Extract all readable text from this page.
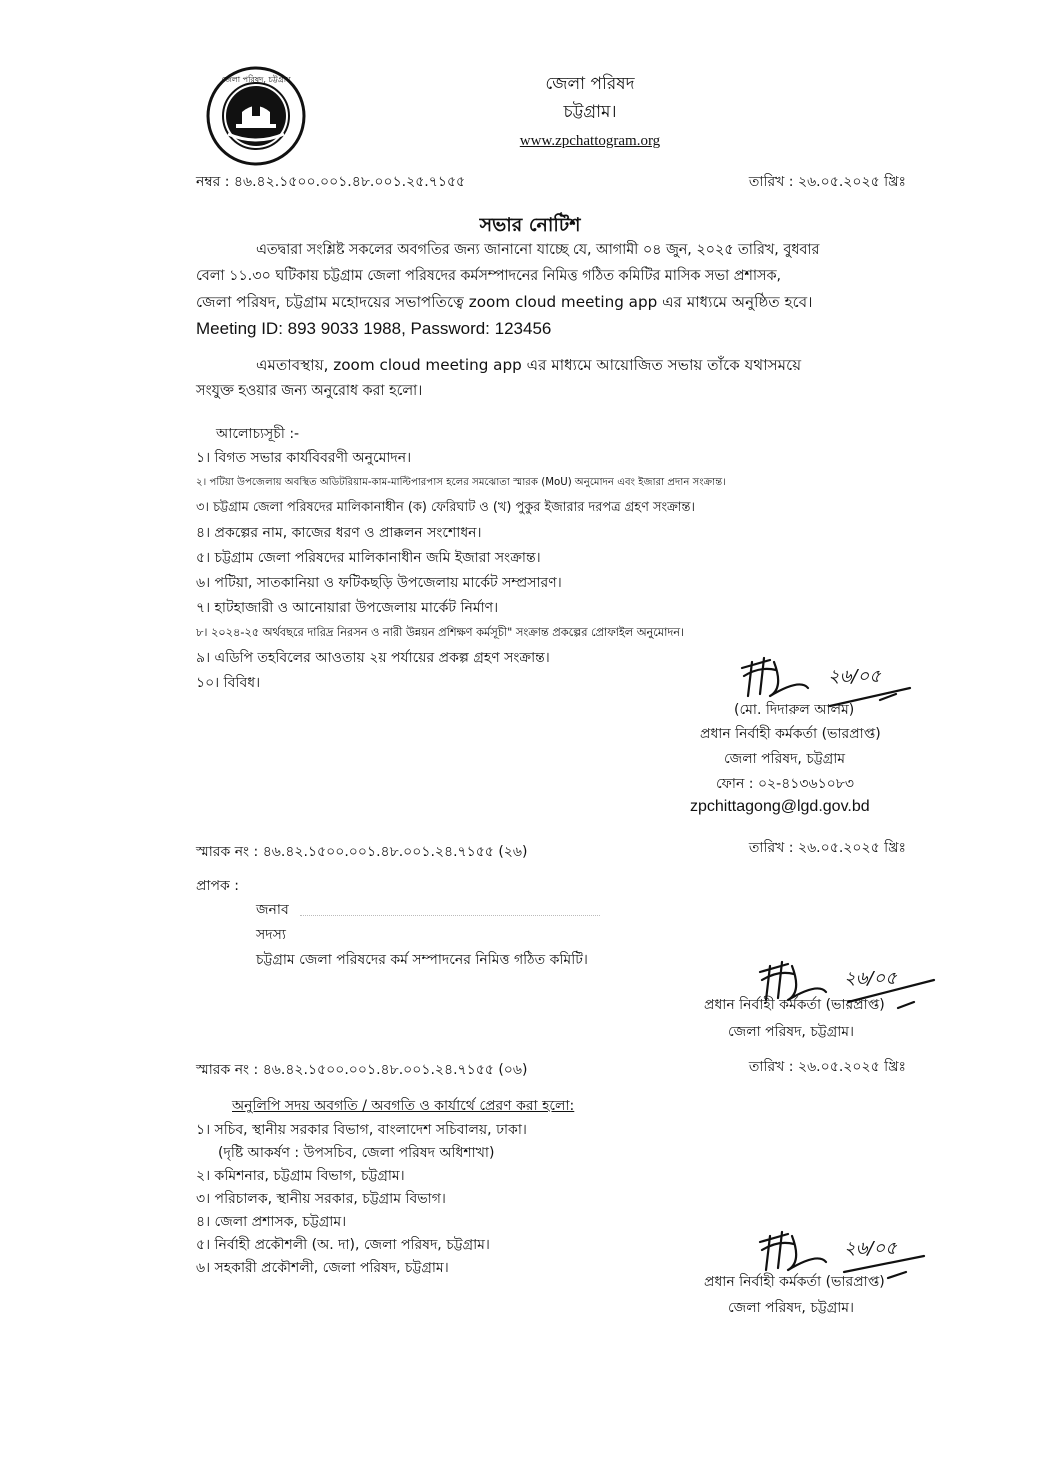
জেলা পরিষদ, চট্টগ্রাম	জেলা পরিষদ
চট্টগ্রাম।
www.zpchattogram.org
নম্বর : ৪৬.৪২.১৫০০.০০১.৪৮.০০১.২৫.৭১৫৫	তারিখ : ২৬.০৫.২০২৫ খ্রিঃ
সভার নোটিশ
এতদ্বারা সংশ্লিষ্ট সকলের অবগতির জন্য জানানো যাচ্ছে যে, আগামী ০৪ জুন, ২০২৫ তারিখ, বুধবার
বেলা ১১.৩০ ঘটিকায় চট্টগ্রাম জেলা পরিষদের কর্মসম্পাদনের নিমিত্ত গঠিত কমিটির মাসিক সভা প্রশাসক,
জেলা পরিষদ, চট্টগ্রাম মহোদয়ের সভাপতিত্বে zoom cloud meeting app এর মাধ্যমে অনুষ্ঠিত হবে।
Meeting ID: 893 9033 1988, Password: 123456
এমতাবস্থায়, zoom cloud meeting app এর মাধ্যমে আয়োজিত সভায় তাঁকে যথাসময়ে
সংযুক্ত হওয়ার জন্য অনুরোধ করা হলো।
আলোচ্যসূচী :-
১। বিগত সভার কার্যবিবরণী অনুমোদন।
২। পটিয়া উপজেলায় অবস্থিত অডিটরিয়াম-কাম-মাল্টিপারপাস হলের সমঝোতা স্মারক (MoU) অনুমোদন এবং ইজারা প্রদান সংক্রান্ত।
৩। চট্টগ্রাম জেলা পরিষদের মালিকানাধীন (ক) ফেরিঘাট ও (খ) পুকুর ইজারার দরপত্র গ্রহণ সংক্রান্ত।
৪। প্রকল্পের নাম, কাজের ধরণ ও প্রাক্কলন সংশোধন।
৫। চট্টগ্রাম জেলা পরিষদের মালিকানাধীন জমি ইজারা সংক্রান্ত।
৬। পটিয়া, সাতকানিয়া ও ফটিকছড়ি উপজেলায় মার্কেট সম্প্রসারণ।
৭। হাটহাজারী ও আনোয়ারা উপজেলায় মার্কেট নির্মাণ।
৮। ২০২৪-২৫ অর্থবছরে দারিদ্র নিরসন ও নারী উন্নয়ন প্রশিক্ষণ কর্মসূচী" সংক্রান্ত প্রকল্পের প্রোফাইল অনুমোদন।
৯। এডিপি তহবিলের আওতায় ২য় পর্যায়ের প্রকল্প গ্রহণ সংক্রান্ত।
১০। বিবিধ।	২৬/০৫
(মো. দিদারুল আলম)
প্রধান নির্বাহী কর্মকর্তা (ভারপ্রাপ্ত)
জেলা পরিষদ, চট্টগ্রাম
ফোন : ০২-৪১৩৬১০৮৩
zpchittagong@lgd.gov.bd
স্মারক নং : ৪৬.৪২.১৫০০.০০১.৪৮.০০১.২৪.৭১৫৫ (২৬)	তারিখ : ২৬.০৫.২০২৫ খ্রিঃ
প্রাপক :
জনাব
সদস্য
চট্টগ্রাম জেলা পরিষদের কর্ম সম্পাদনের নিমিত্ত গঠিত কমিটি।
২৬/০৫
প্রধান নির্বাহী কর্মকর্তা (ভারপ্রাপ্ত)
জেলা পরিষদ, চট্টগ্রাম।
স্মারক নং : ৪৬.৪২.১৫০০.০০১.৪৮.০০১.২৪.৭১৫৫ (০৬)	তারিখ : ২৬.০৫.২০২৫ খ্রিঃ
অনুলিপি সদয় অবগতি / অবগতি ও কার্যার্থে প্রেরণ করা হলো:
১। সচিব, স্থানীয় সরকার বিভাগ, বাংলাদেশ সচিবালয়, ঢাকা।
(দৃষ্টি আকর্ষণ : উপসচিব, জেলা পরিষদ অধিশাখা)
২। কমিশনার, চট্টগ্রাম বিভাগ, চট্টগ্রাম।
৩। পরিচালক, স্থানীয় সরকার, চট্টগ্রাম বিভাগ।
৪। জেলা প্রশাসক, চট্টগ্রাম।
৫। নির্বাহী প্রকৌশলী (অ. দা), জেলা পরিষদ, চট্টগ্রাম।
৬। সহকারী প্রকৌশলী, জেলা পরিষদ, চট্টগ্রাম।
২৬/০৫
প্রধান নির্বাহী কর্মকর্তা (ভারপ্রাপ্ত)
জেলা পরিষদ, চট্টগ্রাম।
